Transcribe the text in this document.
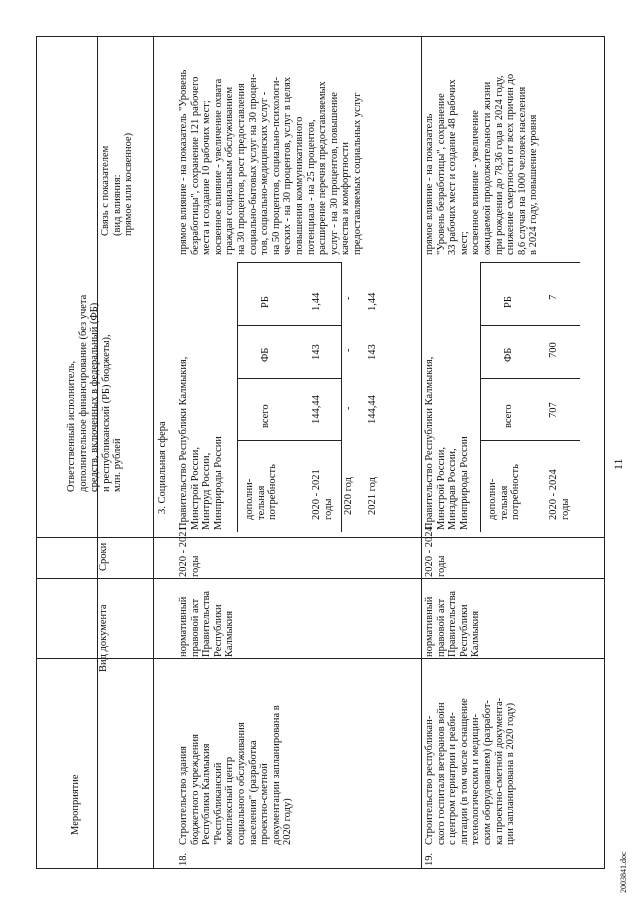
Мероприятие
Вид документа
Сроки
Ответственный исполнитель,
дополнительное финансирование (без учета
средств, включенных в федеральный (ФБ)
и республиканский (РБ) бюджеты),
млн. рублей
Связь с показателем
(вид влияния:
прямое или косвенное)
3. Социальная сфера
18.
Строительство здания
бюджетного учреждения
Республики Калмыкия
"Республиканский
комплексный центр
социального обслуживания
населения" (разработка
проектно-сметной
документации запланирована в
2020 году)
нормативный
правовой акт
Правительства
Республики
Калмыкия
2020 - 2021
годы
Правительство Республики Калмыкия,
Минстрой России,
Минтруд России,
Минприроды России дополни-
тельная
потребность
всего
ФБ
РБ
2020 - 2021
годы
144,44
143
1,44
2020 год
-
-
-
2021 год
144,44
143
1,44
прямое влияние - на показатель "Уровень
безработицы", сохранение 121 рабочего
места и создание 10 рабочих мест;
косвенное влияние - увеличение охвата
граждан социальным обслуживанием
на 30 процентов, рост предоставления
социально-бытовых услуг на 30 процен-
тов, социально-медицинских услуг -
на 50 процентов, социально-психологи-
ческих - на 30 процентов, услуг в целях
повышения коммуникативного
потенциала - на 25 процентов,
расширение перечня предоставляемых
услуг - на 30 процентов, повышение
качества и комфортности
предоставляемых социальных услуг
19.
Строительство республикан-
ского госпиталя ветеранов войн
с центром гериатрии и реаби-
литации (в том числе оснащение
технологическим и медицин-
ским оборудованием) (разработ-
ка проектно-сметной документа-
ции запланирована в 2020 году)
нормативный
правовой акт
Правительства
Республики
Калмыкия
2020 - 2024
годы
Правительство Республики Калмыкия,
Минстрой России,
Минздрав России,
Минприроды России дополни-
тельная
потребность
всего
ФБ
РБ
2020 - 2024
годы
707
700
7
прямое влияние - на показатель
"Уровень безработицы", сохранение
33 рабочих мест и создание 48 рабочих
мест;
косвенное влияние - увеличение
ожидаемой продолжительности жизни
при рождении до 78,36 года в 2024 году,
снижение смертности от всех причин до
8,6 случая на 1000 человек населения
в 2024 году, повышение уровня
11
2003841.doc
